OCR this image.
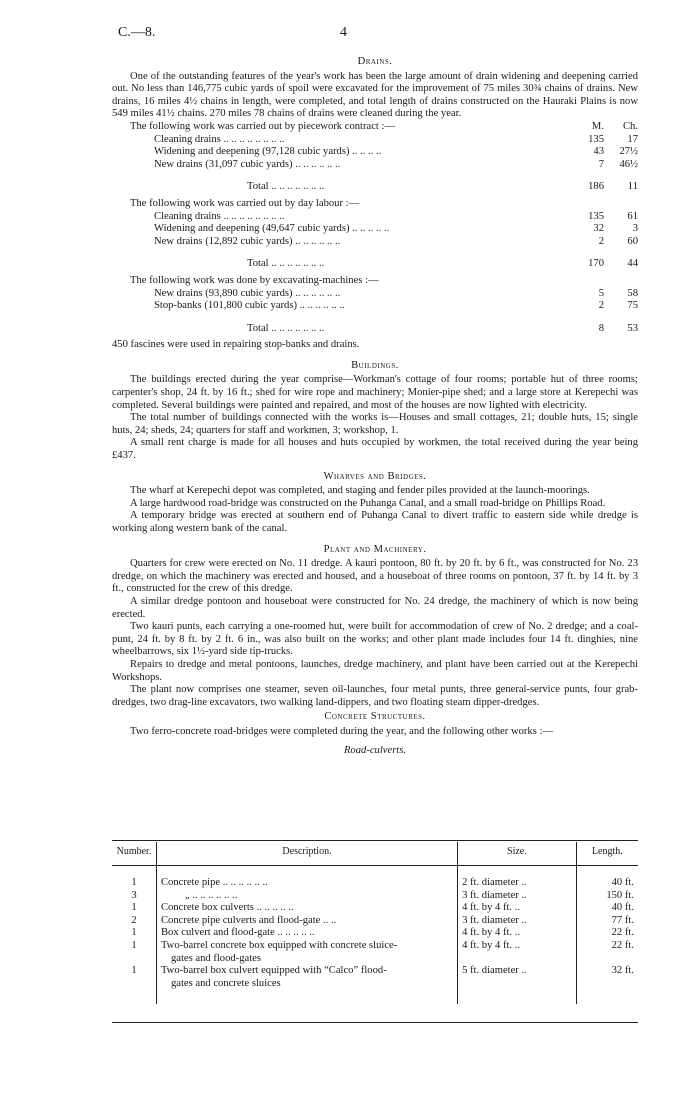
C.—8.	4
Drains.

One of the outstanding features of the year's work has been the large amount of drain widening and deepening carried out. No less than 146,775 cubic yards of spoil were excavated for the improvement of 75 miles 30¾ chains of drains. New drains, 16 miles 4½ chains in length, were completed, and total length of drains constructed on the Hauraki Plains is now 549 miles 41½ chains. 270 miles 78 chains of drains were cleaned during the year.

The following work was carried out by piecework contract :—	M.	Ch.
Cleaning drains .. .. .. .. .. .. .. ..	135	17
Widening and deepening (97,128 cubic yards) .. .. .. ..	43	27½
New drains (31,097 cubic yards) .. .. .. .. .. ..	7	46½
Total .. .. .. .. .. .. ..	186	11
The following work was carried out by day labour :—
Cleaning drains .. .. .. .. .. .. .. ..	135	61
Widening and deepening (49,647 cubic yards) .. .. .. .. ..	32	3
New drains (12,892 cubic yards) .. .. .. .. .. ..	2	60
Total .. .. .. .. .. .. ..	170	44
The following work was done by excavating-machines :—
New drains (93,890 cubic yards) .. .. .. .. .. ..	5	58
Stop-banks (101,800 cubic yards) .. .. .. .. .. ..	2	75
Total .. .. .. .. .. .. ..	8	53

450 fascines were used in repairing stop-banks and drains.

Buildings.

The buildings erected during the year comprise—Workman's cottage of four rooms; portable hut of three rooms; carpenter's shop, 24 ft. by 16 ft.; shed for wire rope and machinery; Monier-pipe shed; and a large store at Kerepechi was completed. Several buildings were painted and repaired, and most of the houses are now lighted with electricity.

The total number of buildings connected with the works is—Houses and small cottages, 21; double huts, 15; single huts, 24; sheds, 24; quarters for staff and workmen, 3; workshop, 1.

A small rent charge is made for all houses and huts occupied by workmen, the total received during the year being £437.

Wharves and Bridges.

The wharf at Kerepechi depot was completed, and staging and fender piles provided at the launch-moorings.

A large hardwood road-bridge was constructed on the Puhanga Canal, and a small road-bridge on Phillips Road.

A temporary bridge was erected at southern end of Puhanga Canal to divert traffic to eastern side while dredge is working along western bank of the canal.

Plant and Machinery.

Quarters for crew were erected on No. 11 dredge. A kauri pontoon, 80 ft. by 20 ft. by 6 ft., was constructed for No. 23 dredge, on which the machinery was erected and housed, and a houseboat of three rooms on pontoon, 37 ft. by 14 ft. by 3 ft., constructed for the crew of this dredge.

A similar dredge pontoon and houseboat were constructed for No. 24 dredge, the machinery of which is now being erected.

Two kauri punts, each carrying a one-roomed hut, were built for accommodation of crew of No. 2 dredge; and a coal-punt, 24 ft. by 8 ft. by 2 ft. 6 in., was also built on the works; and other plant made includes four 14 ft. dinghies, nine wheelbarrows, six 1½-yard side tip-trucks.

Repairs to dredge and metal pontoons, launches, dredge machinery, and plant have been carried out at the Kerepechi Workshops.

The plant now comprises one steamer, seven oil-launches, four metal punts, three general-service punts, four grab-dredges, two drag-line excavators, two walking land-dippers, and two floating steam dipper-dredges.

Concrete Structures.

Two ferro-concrete road-bridges were completed during the year, and the following other works :—

Road-culverts.
Number.	Description.	Size.	Length.

1	Concrete pipe .. .. .. .. .. ..	2 ft. diameter ..	40 ft.
3	„ .. .. .. .. .. ..	3 ft. diameter ..	150 ft.
1	Concrete box culverts .. .. .. .. ..	4 ft. by 4 ft. ..	40 ft.
2	Concrete pipe culverts and flood-gate .. ..	3 ft. diameter ..	77 ft.
1	Box culvert and flood-gate .. .. .. .. ..	4 ft. by 4 ft. ..	22 ft.
1	Two-barrel concrete box equipped with concrete sluice-
gates and flood-gates	4 ft. by 4 ft. ..	22 ft.
1	Two-barrel box culvert equipped with “Calco” flood-
gates and concrete sluices	5 ft. diameter ..	32 ft.
